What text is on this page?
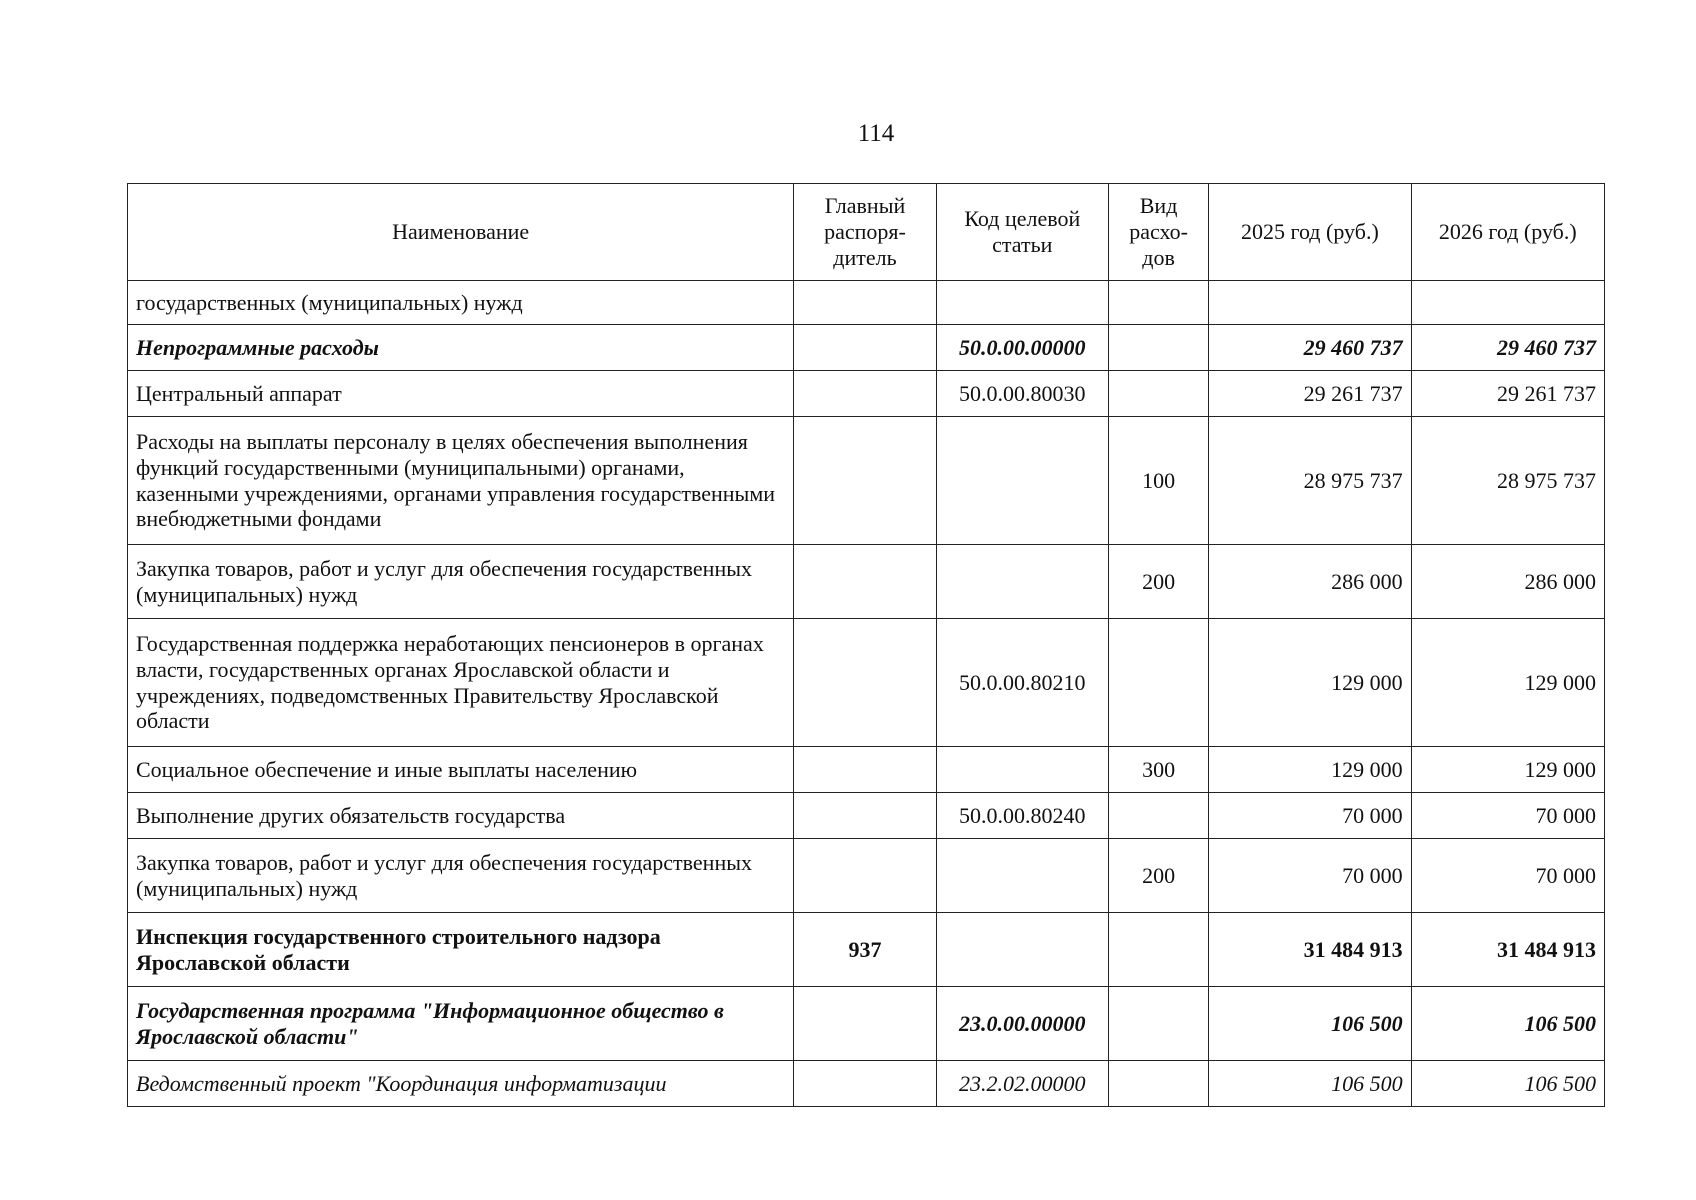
114
Наименование	Главный распоря-дитель	Код целевой статьи	Вид расхо-дов	2025 год (руб.)	2026 год (руб.)
государственных (муниципальных) нужд					
Непрограммные расходы		50.0.00.00000		29 460 737	29 460 737
Центральный аппарат		50.0.00.80030		29 261 737	29 261 737
Расходы на выплаты персоналу в целях обеспечения выполнения функций государственными (муниципальными) органами, казенными учреждениями, органами управления государственными внебюджетными фондами			100	28 975 737	28 975 737
Закупка товаров, работ и услуг для обеспечения государственных (муниципальных) нужд			200	286 000	286 000
Государственная поддержка неработающих пенсионеров в органах власти, государственных органах Ярославской области и учреждениях, подведомственных Правительству Ярославской области		50.0.00.80210		129 000	129 000
Социальное обеспечение и иные выплаты населению			300	129 000	129 000
Выполнение других обязательств государства		50.0.00.80240		70 000	70 000
Закупка товаров, работ и услуг для обеспечения государственных (муниципальных) нужд			200	70 000	70 000
Инспекция государственного строительного надзора Ярославской области	937			31 484 913	31 484 913
Государственная программа "Информационное общество в Ярославской области"		23.0.00.00000		106 500	106 500
Ведомственный проект "Координация информатизации		23.2.02.00000		106 500	106 500
